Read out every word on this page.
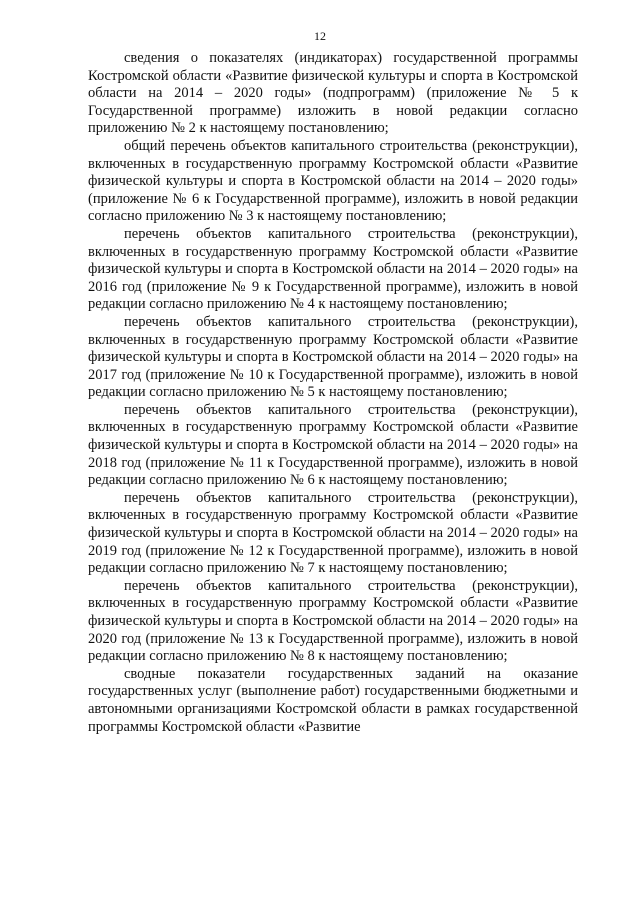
12

сведения о показателях (индикаторах) государственной программы Костромской области «Развитие физической культуры и спорта в Костромской области на 2014 – 2020 годы» (подпрограмм) (приложение № 5 к Государственной программе) изложить в новой редакции согласно приложению № 2 к настоящему постановлению;

общий перечень объектов капитального строительства (реконструкции), включенных в государственную программу Костромской области «Развитие физической культуры и спорта в Костромской области на 2014 – 2020 годы» (приложение № 6 к Государственной программе), изложить в новой редакции согласно приложению № 3 к настоящему постановлению;

перечень объектов капитального строительства (реконструкции), включенных в государственную программу Костромской области «Развитие физической культуры и спорта в Костромской области на 2014 – 2020 годы» на 2016 год (приложение № 9 к Государственной программе), изложить в новой редакции согласно приложению № 4 к настоящему постановлению;

перечень объектов капитального строительства (реконструкции), включенных в государственную программу Костромской области «Развитие физической культуры и спорта в Костромской области на 2014 – 2020 годы» на 2017 год (приложение № 10 к Государственной программе), изложить в новой редакции согласно приложению № 5 к настоящему постановлению;

перечень объектов капитального строительства (реконструкции), включенных в государственную программу Костромской области «Развитие физической культуры и спорта в Костромской области на 2014 – 2020 годы» на 2018 год (приложение № 11 к Государственной программе), изложить в новой редакции согласно приложению № 6 к настоящему постановлению;

перечень объектов капитального строительства (реконструкции), включенных в государственную программу Костромской области «Развитие физической культуры и спорта в Костромской области на 2014 – 2020 годы» на 2019 год (приложение № 12 к Государственной программе), изложить в новой редакции согласно приложению № 7 к настоящему постановлению;

перечень объектов капитального строительства (реконструкции), включенных в государственную программу Костромской области «Развитие физической культуры и спорта в Костромской области на 2014 – 2020 годы» на 2020 год (приложение № 13 к Государственной программе), изложить в новой редакции согласно приложению № 8 к настоящему постановлению;

сводные показатели государственных заданий на оказание государственных услуг (выполнение работ) государственными бюджетными и автономными организациями Костромской области в рамках государственной программы Костромской области «Развитие
